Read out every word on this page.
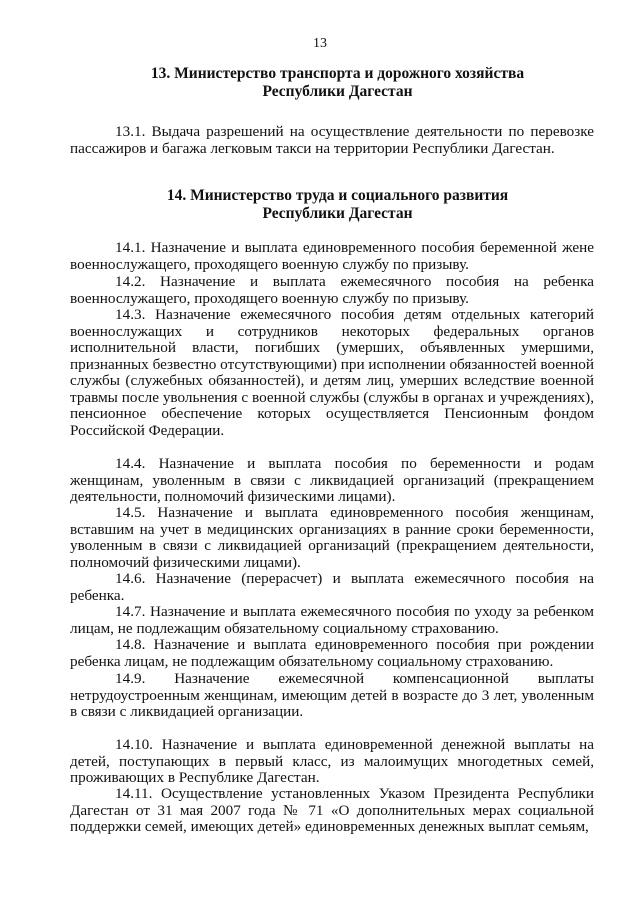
13
13. Министерство транспорта и дорожного хозяйства
Республики Дагестан

13.1. Выдача разрешений на осуществление деятельности по перевозке пассажиров и багажа легковым такси на территории Республики Дагестан.

14. Министерство труда и социального развития
Республики Дагестан

14.1. Назначение и выплата единовременного пособия беременной жене военнослужащего, проходящего военную службу по призыву.

14.2. Назначение и выплата ежемесячного пособия на ребенка военнослужащего, проходящего военную службу по призыву.

14.3. Назначение ежемесячного пособия детям отдельных категорий военнослужащих и сотрудников некоторых федеральных органов исполнительной власти, погибших (умерших, объявленных умершими, признанных безвестно отсутствующими) при исполнении обязанностей военной службы (служебных обязанностей), и детям лиц, умерших вследствие военной травмы после увольнения с военной службы (службы в органах и учреждениях), пенсионное обеспечение которых осуществляется Пенсионным фондом Российской Федерации.

14.4. Назначение и выплата пособия по беременности и родам женщинам, уволенным в связи с ликвидацией организаций (прекращением деятельности, полномочий физическими лицами).

14.5. Назначение и выплата единовременного пособия женщинам, вставшим на учет в медицинских организациях в ранние сроки беременности, уволенным в связи с ликвидацией организаций (прекращением деятельности, полномочий физическими лицами).

14.6. Назначение (перерасчет) и выплата ежемесячного пособия на ребенка.

14.7. Назначение и выплата ежемесячного пособия по уходу за ребенком лицам, не подлежащим обязательному социальному страхованию.

14.8. Назначение и выплата единовременного пособия при рождении ребенка лицам, не подлежащим обязательному социальному страхованию.

14.9. Назначение ежемесячной компенсационной выплаты нетрудоустроенным женщинам, имеющим детей в возрасте до 3 лет, уволенным в связи с ликвидацией организации.

14.10. Назначение и выплата единовременной денежной выплаты на детей, поступающих в первый класс, из малоимущих многодетных семей, проживающих в Республике Дагестан.

14.11. Осуществление установленных Указом Президента Республики Дагестан от 31 мая 2007 года № 71 «О дополнительных мерах социальной поддержки семей, имеющих детей» единовременных денежных выплат семьям,
